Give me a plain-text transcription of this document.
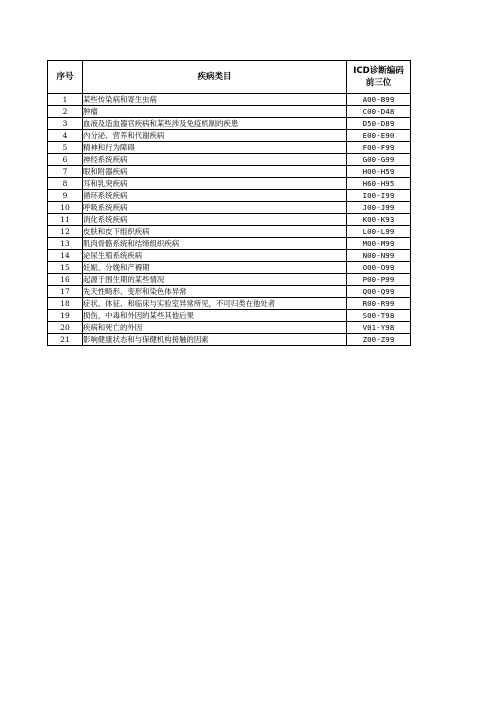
序号	疾病类目	ICD诊断编码
前三位

1	某些传染病和寄生虫病	A00-B99
2	肿瘤	C00-D48
3	血液及造血器官疾病和某些涉及免疫机制的疾患	D50-D89
4	内分泌、营养和代谢疾病	E00-E90
5	精神和行为障碍	F00-F99
6	神经系统疾病	G00-G99
7	眼和附器疾病	H00-H59
8	耳和乳突疾病	H60-H95
9	循环系统疾病	I00-I99
10	呼吸系统疾病	J00-J99
11	消化系统疾病	K00-K93
12	皮肤和皮下组织疾病	L00-L99
13	肌肉骨骼系统和结缔组织疾病	M00-M99
14	泌尿生殖系统疾病	N00-N99
15	妊娠、分娩和产褥期	O00-O99
16	起源于围生期的某些情况	P00-P99
17	先天性畸形、变形和染色体异常	Q00-Q99
18	症状、体征、和临床与实验室异常所见，不可归类在他处者	R00-R99
19	损伤、中毒和外因的某些其他后果	S00-T98
20	疾病和死亡的外因	V01-Y98
21	影响健康状态和与保健机构接触的因素	Z00-Z99
